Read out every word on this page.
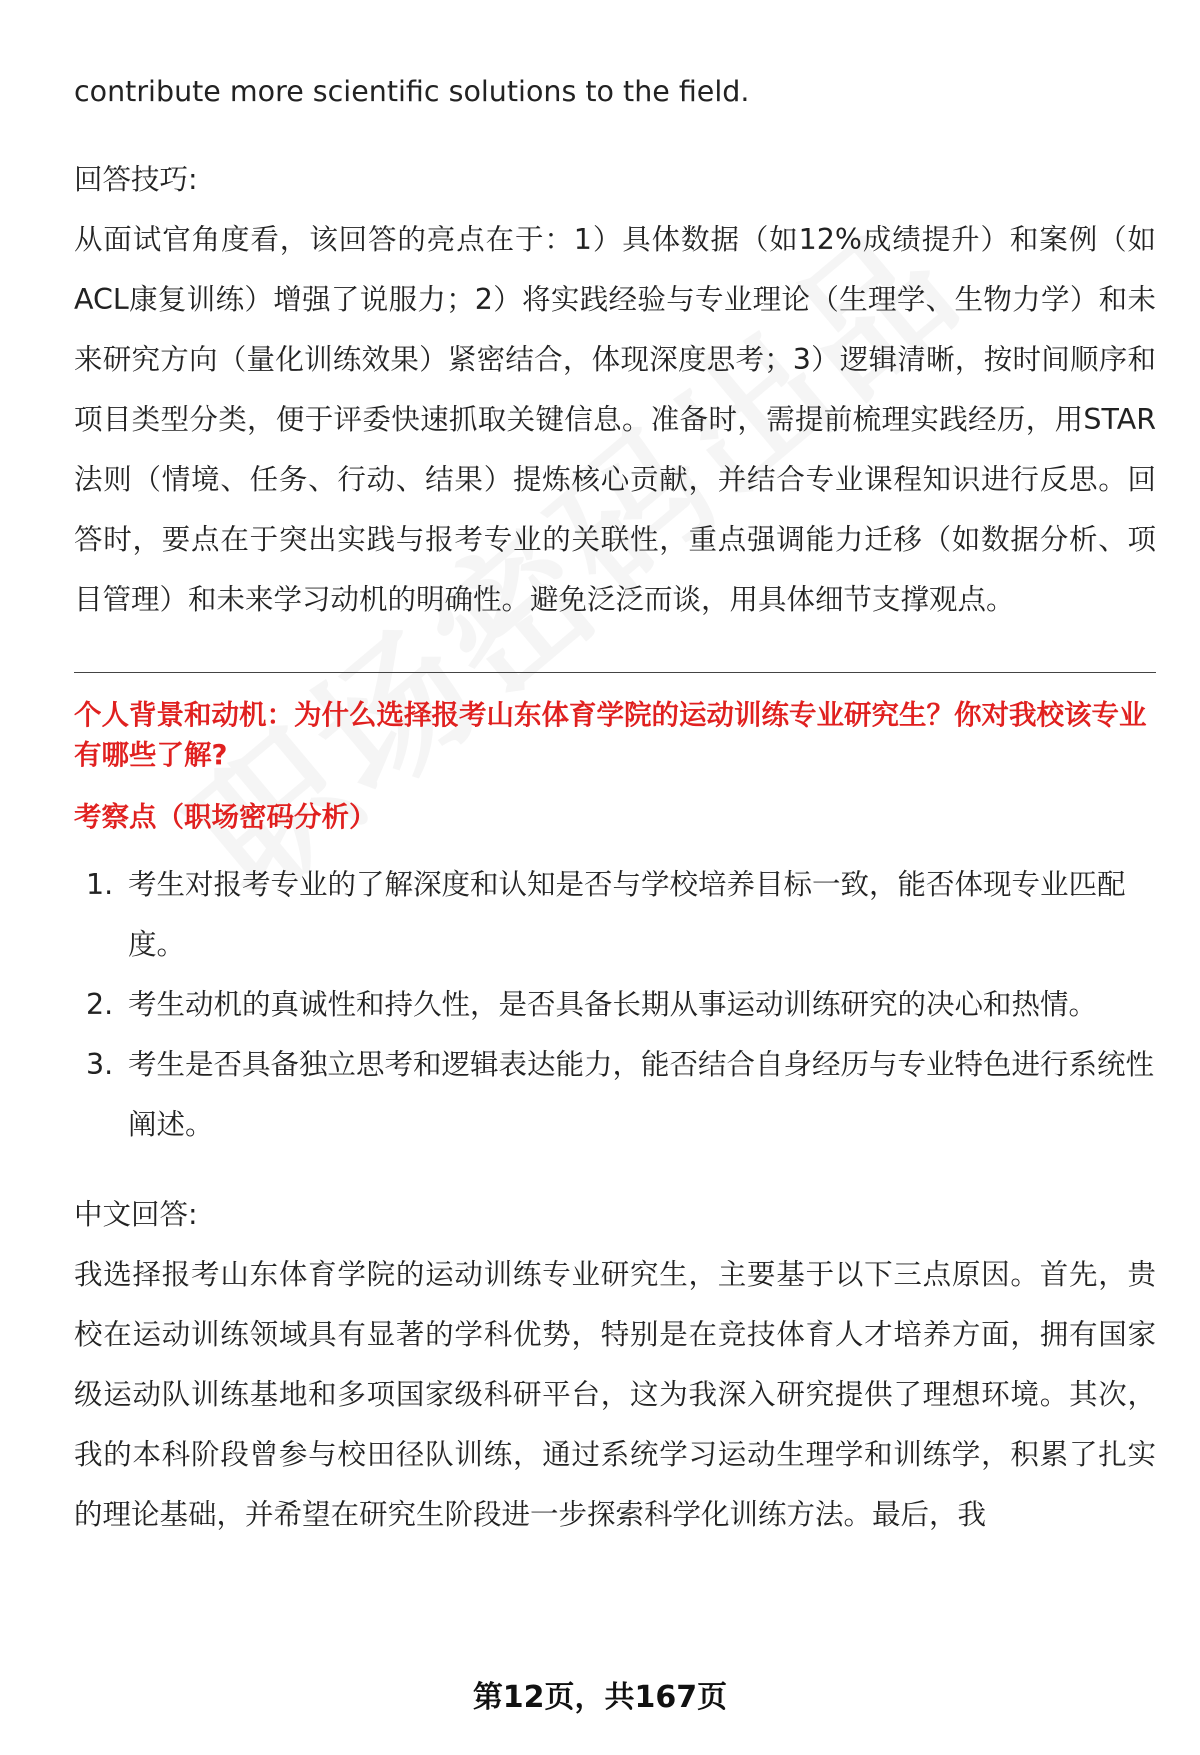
contribute more scientific solutions to the field.

回答技巧:

从面试官角度看，该回答的亮点在于：1）具体数据（如12%成绩提升）和案例（如ACL康复训练）增强了说服力；2）将实践经验与专业理论（生理学、生物力学）和未来研究方向（量化训练效果）紧密结合，体现深度思考；3）逻辑清晰，按时间顺序和项目类型分类，便于评委快速抓取关键信息。准备时，需提前梳理实践经历，用STAR法则（情境、任务、行动、结果）提炼核心贡献，并结合专业课程知识进行反思。回答时，要点在于突出实践与报考专业的关联性，重点强调能力迁移（如数据分析、项目管理）和未来学习动机的明确性。避免泛泛而谈，用具体细节支撑观点。

个人背景和动机：为什么选择报考山东体育学院的运动训练专业研究生？你对我校该专业有哪些了解?

考察点（职场密码分析）

1. 考生对报考专业的了解深度和认知是否与学校培养目标一致，能否体现专业匹配度。
2. 考生动机的真诚性和持久性，是否具备长期从事运动训练研究的决心和热情。
3. 考生是否具备独立思考和逻辑表达能力，能否结合自身经历与专业特色进行系统性阐述。

中文回答:

我选择报考山东体育学院的运动训练专业研究生，主要基于以下三点原因。首先，贵校在运动训练领域具有显著的学科优势，特别是在竞技体育人才培养方面，拥有国家级运动队训练基地和多项国家级科研平台，这为我深入研究提供了理想环境。其次，我的本科阶段曾参与校田径队训练，通过系统学习运动生理学和训练学，积累了扎实的理论基础，并希望在研究生阶段进一步探索科学化训练方法。最后，我

第12页，共167页
